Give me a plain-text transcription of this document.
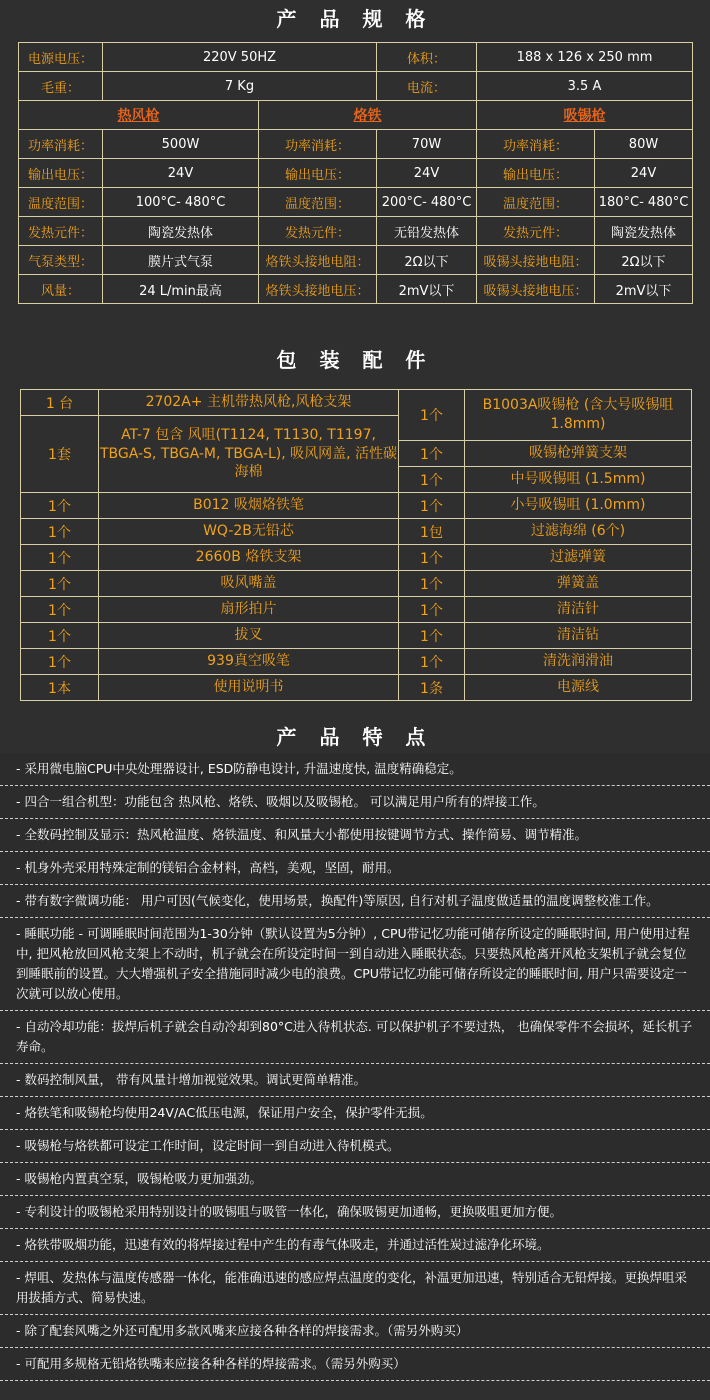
产 品 规 格
电源电压：	220V 50HZ		体积：	188 x 126 x 250 mm	
毛重：	7 Kg		电流：	3.5 A	
热风枪		烙铁		吸锡枪	
功率消耗：	500W	功率消耗：	70W	功率消耗：	80W
输出电压：	24V	输出电压：	24V	输出电压：	24V
温度范围：	100°C- 480°C	温度范围：	200°C- 480°C	温度范围：	180°C- 480°C
发热元件：	陶瓷发热体	发热元件：	无铅发热体	发热元件：	陶瓷发热体
气泵类型：	膜片式气泵	烙铁头接地电阻：	2Ω以下	吸锡头接地电阻：	2Ω以下
风量：	24 L/min最高	烙铁头接地电压：	2mV以下	吸锡头接地电压：	2mV以下
包 装 配 件
1 台	2702A+ 主机带热风枪,风枪支架	1个	B1003A吸锡枪 (含大号吸锡咀1.8mm)
1套	AT-7 包含 风咀(T1124, T1130, T1197, TBGA-S, TBGA-M, TBGA-L), 吸风网盖, 活性碳海棉		
		1个	吸锡枪弹簧支架
		1个	中号吸锡咀 (1.5mm)
1个	B012 吸烟烙铁笔	1个	小号吸锡咀 (1.0mm)
1个	WQ-2B无铅芯	1包	过滤海绵 (6个)
1个	2660B 烙铁支架	1个	过滤弹簧
1个	吸风嘴盖	1个	弹簧盖
1个	扇形拍片	1个	清洁针
1个	拔叉	1个	清洁钻
1个	939真空吸笔	1个	清洗润滑油
1本	使用说明书	1条	电源线
产 品 特 点
- 采用微电脑CPU中央处理器设计, ESD防静电设计, 升温速度快, 温度精确稳定。
- 四合一组合机型：功能包含 热风枪、烙铁、吸烟以及吸锡枪。 可以满足用户所有的焊接工作。
- 全数码控制及显示：热风枪温度、烙铁温度、和风量大小都使用按键调节方式、操作简易、调节精准。
- 机身外壳采用特殊定制的镁铝合金材料，高档，美观，坚固，耐用。
- 带有数字微调功能： 用户可因(气候变化，使用场景，换配件)等原因, 自行对机子温度做适量的温度调整校准工作。
- 睡眠功能 - 可调睡眠时间范围为1-30分钟（默认设置为5分钟）, CPU带记忆功能可储存所设定的睡眠时间, 用户使用过程中, 把风枪放回风枪支架上不动时，机子就会在所设定时间一到自动进入睡眠状态。只要热风枪离开风枪支架机子就会复位到睡眠前的设置。大大增强机子安全措施同时减少电的浪费。CPU带记忆功能可储存所设定的睡眠时间, 用户只需要设定一次就可以放心使用。
- 自动冷却功能：拔焊后机子就会自动冷却到80°C进入待机状态. 可以保护机子不要过热， 也确保零件不会损坏，延长机子寿命。
- 数码控制风量， 带有风量计增加视觉效果。调试更简单精准。
- 烙铁笔和吸锡枪均使用24V/AC低压电源，保证用户安全，保护零件无损。
- 吸锡枪与烙铁都可设定工作时间，设定时间一到自动进入待机模式。
- 吸锡枪内置真空泵，吸锡枪吸力更加强劲。
- 专利设计的吸锡枪采用特别设计的吸锡咀与吸管一体化，确保吸锡更加通畅，更换吸咀更加方便。
- 烙铁带吸烟功能，迅速有效的将焊接过程中产生的有毒气体吸走，并通过活性炭过滤净化环境。
- 焊咀、发热体与温度传感器一体化，能准确迅速的感应焊点温度的变化，补温更加迅速，特别适合无铅焊接。更换焊咀采用拔插方式、简易快速。
- 除了配套风嘴之外还可配用多款风嘴来应接各种各样的焊接需求。（需另外购买）
- 可配用多规格无铅烙铁嘴来应接各种各样的焊接需求。（需另外购买）
